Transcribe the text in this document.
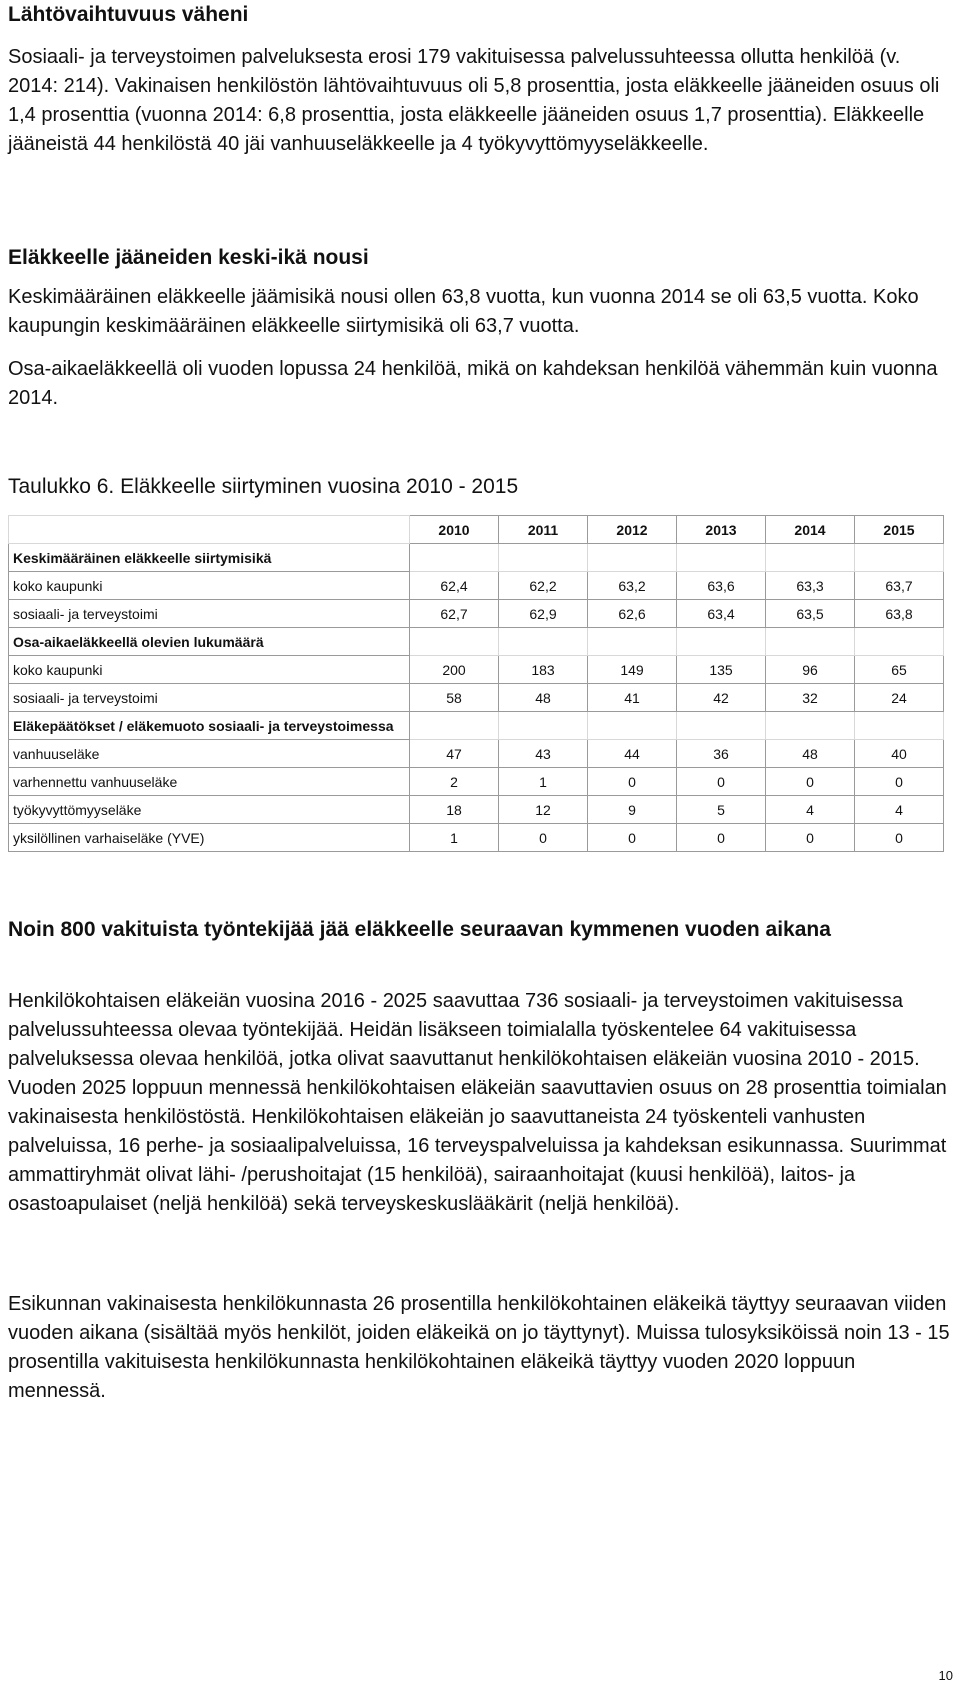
Lähtövaihtuvuus väheni

Sosiaali- ja terveystoimen palveluksesta erosi 179 vakituisessa palvelussuhteessa ollutta henkilöä (v. 2014: 214). Vakinaisen henkilöstön lähtövaihtuvuus oli 5,8 prosenttia, josta eläkkeelle jääneiden osuus oli 1,4 prosenttia (vuonna 2014: 6,8 prosenttia, josta eläkkeelle jääneiden osuus 1,7 prosenttia). Eläkkeelle jääneistä 44 henkilöstä 40 jäi vanhuuseläkkeelle ja 4 työkyvyttömyyseläkkeelle.

Eläkkeelle jääneiden keski-ikä nousi

Keskimääräinen eläkkeelle jäämisikä nousi ollen 63,8 vuotta, kun vuonna 2014 se oli 63,5 vuotta. Koko kaupungin keskimääräinen eläkkeelle siirtymisikä oli 63,7 vuotta.

Osa-aikaeläkkeellä oli vuoden lopussa 24 henkilöä, mikä on kahdeksan henkilöä vähemmän kuin vuonna 2014.

Taulukko 6. Eläkkeelle siirtyminen vuosina 2010 - 2015
	2010	2011	2012	2013	2014	2015
Keskimääräinen eläkkeelle siirtymisikä						
koko kaupunki	62,4	62,2	63,2	63,6	63,3	63,7
sosiaali- ja terveystoimi	62,7	62,9	62,6	63,4	63,5	63,8
Osa-aikaeläkkeellä olevien lukumäärä						
koko kaupunki	200	183	149	135	96	65
sosiaali- ja terveystoimi	58	48	41	42	32	24
Eläkepäätökset / eläkemuoto sosiaali- ja terveystoimessa						
vanhuuseläke	47	43	44	36	48	40
varhennettu vanhuuseläke	2	1	0	0	0	0
työkyvyttömyyseläke	18	12	9	5	4	4
yksilöllinen varhaiseläke (YVE)	1	0	0	0	0	0
Noin 800 vakituista työntekijää jää eläkkeelle seuraavan kymmenen vuoden aikana

Henkilökohtaisen eläkeiän vuosina 2016 - 2025 saavuttaa 736 sosiaali- ja terveystoimen vakituisessa palvelussuhteessa olevaa työntekijää. Heidän lisäkseen toimialalla työskentelee 64 vakituisessa palveluksessa olevaa henkilöä, jotka olivat saavuttanut henkilökohtaisen eläkeiän vuosina 2010 - 2015. Vuoden 2025 loppuun mennessä henkilökohtaisen eläkeiän saavuttavien osuus on 28 prosenttia toimialan vakinaisesta henkilöstöstä. Henkilökohtaisen eläkeiän jo saavuttaneista 24 työskenteli vanhusten palveluissa, 16 perhe- ja sosiaalipalveluissa, 16 terveyspalveluissa ja kahdeksan esikunnassa. Suurimmat ammattiryhmät olivat lähi- /perushoitajat (15 henkilöä), sairaanhoitajat (kuusi henkilöä), laitos- ja osastoapulaiset (neljä henkilöä) sekä terveyskeskuslääkärit (neljä henkilöä).

Esikunnan vakinaisesta henkilökunnasta 26 prosentilla henkilökohtainen eläkeikä täyttyy seuraavan viiden vuoden aikana (sisältää myös henkilöt, joiden eläkeikä on jo täyttynyt). Muissa tulosyksiköissä noin 13 - 15 prosentilla vakituisesta henkilökunnasta henkilökohtainen eläkeikä täyttyy vuoden 2020 loppuun mennessä.

10
